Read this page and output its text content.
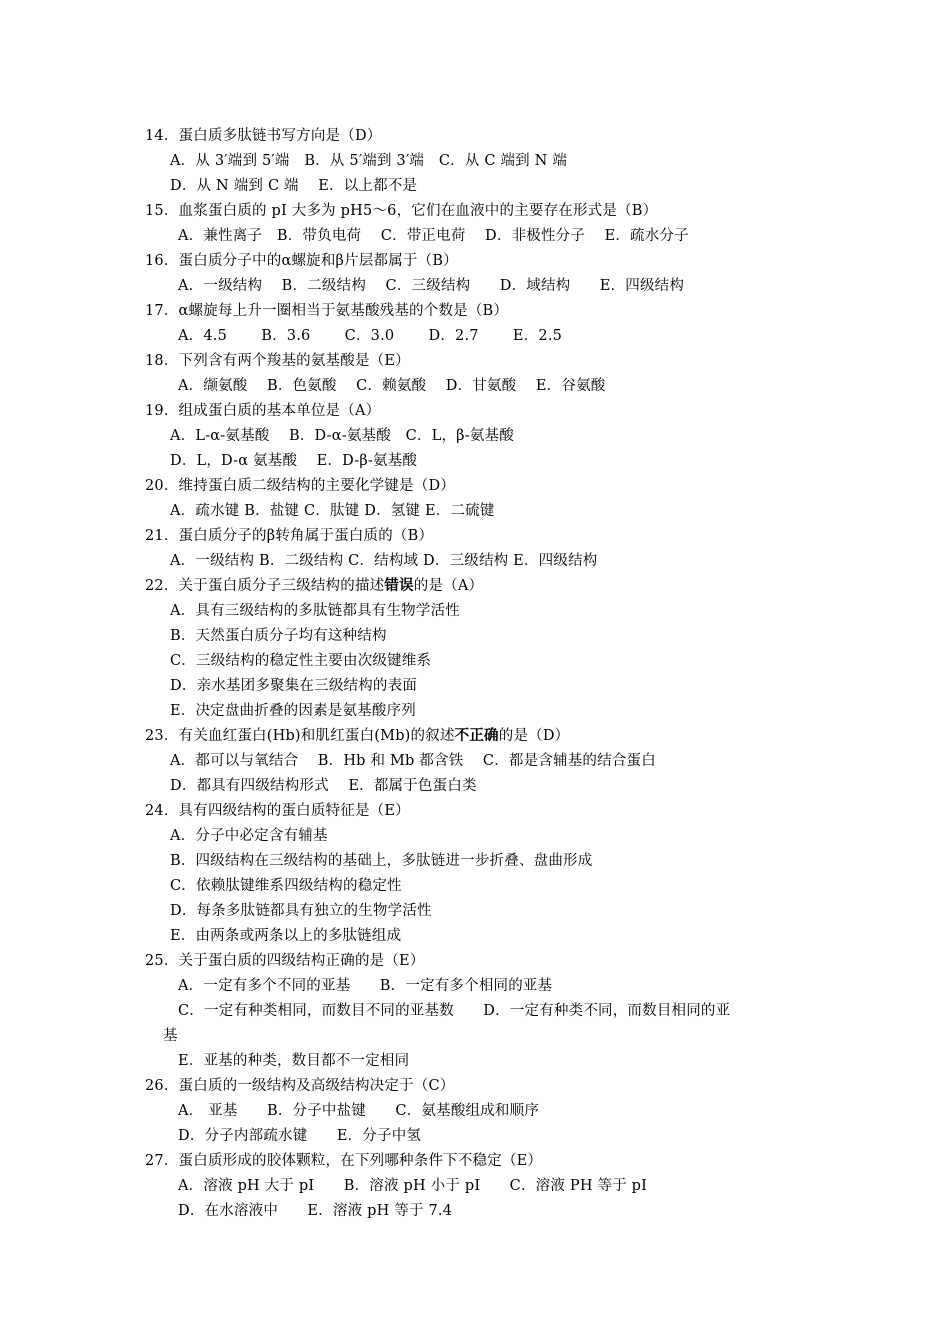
14．蛋白质多肽链书写方向是（D）
A．从 3′端到 5′端　B．从 5′端到 3′端　C．从 C 端到 N 端
D．从 N 端到 C 端　 E．以上都不是
15．血浆蛋白质的 pI 大多为 pH5～6，它们在血液中的主要存在形式是（B）
A．兼性离子　B．带负电荷　 C．带正电荷　 D．非极性分子　 E．疏水分子
16．蛋白质分子中的α螺旋和β片层都属于（B）
A．一级结构　 B．二级结构　 C．三级结构　　D．域结构　　E．四级结构
17．α螺旋每上升一圈相当于氨基酸残基的个数是（B）
A．4.5　　 B．3.6　　 C．3.0　　 D．2.7　　 E．2.5
18．下列含有两个羧基的氨基酸是（E）
A．缬氨酸　 B．色氨酸　 C．赖氨酸　 D．甘氨酸　 E．谷氨酸
19．组成蛋白质的基本单位是（A）
A．L-α-氨基酸　 B．D-α-氨基酸　C．L，β-氨基酸
D．L，D-α 氨基酸　 E．D-β-氨基酸
20．维持蛋白质二级结构的主要化学键是（D）
A．疏水键 B．盐键 C．肽键 D．氢键 E．二硫键
21．蛋白质分子的β转角属于蛋白质的（B）
A．一级结构 B．二级结构 C．结构域 D．三级结构 E．四级结构
22．关于蛋白质分子三级结构的描述错误的是（A）
A．具有三级结构的多肽链都具有生物学活性
B．天然蛋白质分子均有这种结构
C．三级结构的稳定性主要由次级键维系
D．亲水基团多聚集在三级结构的表面
E．决定盘曲折叠的因素是氨基酸序列
23．有关血红蛋白(Hb)和肌红蛋白(Mb)的叙述不正确的是（D）
A．都可以与氧结合　 B．Hb 和 Mb 都含铁　 C．都是含辅基的结合蛋白
D．都具有四级结构形式　 E．都属于色蛋白类
24．具有四级结构的蛋白质特征是（E）
A．分子中必定含有辅基
B．四级结构在三级结构的基础上，多肽链进一步折叠、盘曲形成
C．依赖肽键维系四级结构的稳定性
D．每条多肽链都具有独立的生物学活性
E．由两条或两条以上的多肽链组成
25．关于蛋白质的四级结构正确的是（E）
A．一定有多个不同的亚基　　B．一定有多个相同的亚基
C．一定有种类相同，而数目不同的亚基数　　D．一定有种类不同，而数目相同的亚
基
E．亚基的种类，数目都不一定相同
26．蛋白质的一级结构及高级结构决定于（C）
A． 亚基　　B．分子中盐键　　C．氨基酸组成和顺序
D．分子内部疏水键　　E．分子中氢
27．蛋白质形成的胶体颗粒，在下列哪种条件下不稳定（E）
A．溶液 pH 大于 pI　　B．溶液 pH 小于 pI　　C．溶液 PH 等于 pI
D．在水溶液中　　E．溶液 pH 等于 7.4
